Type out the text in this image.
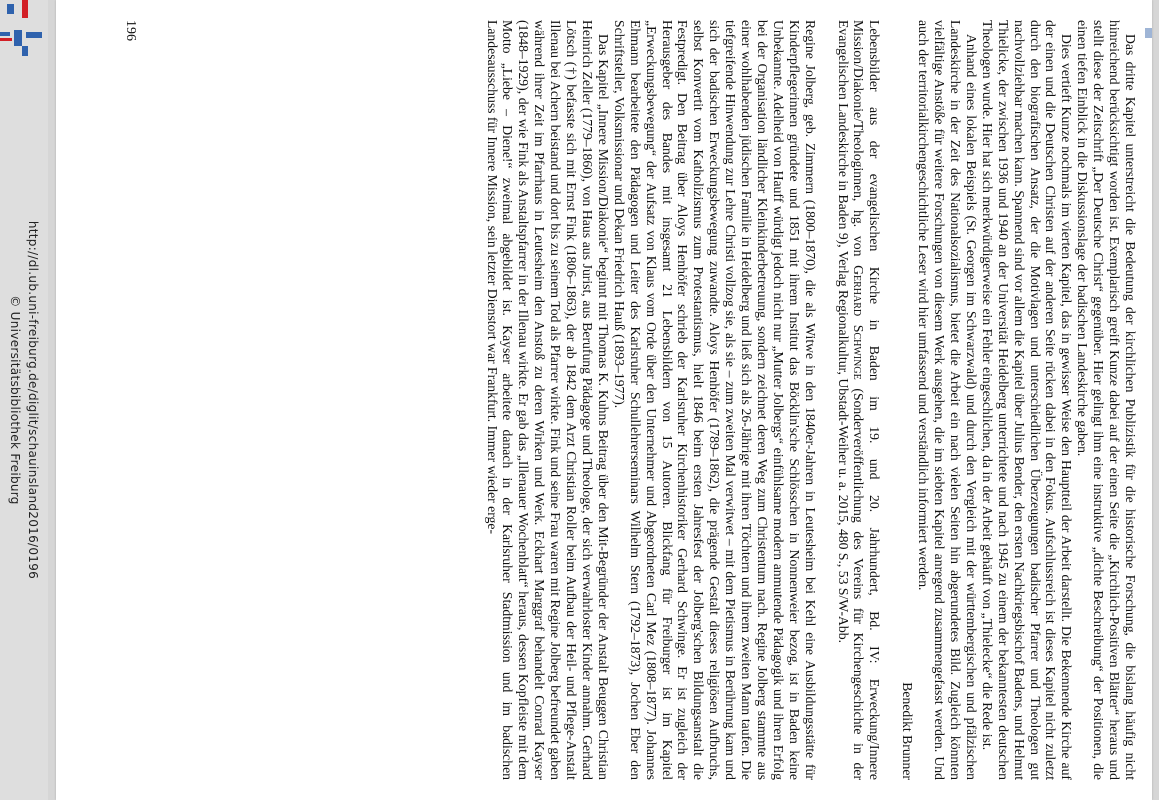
http://dl.ub.uni-freiburg.de/diglit/schauinsland2016/0196
© Universitätsbibliothek Freiburg	Das dritte Kapitel unterstreicht die Bedeutung der kirchlichen Publizistik für die historische Forschung, die bislang häufig nicht hinreichend berücksichtigt worden ist. Exemplarisch greift Kunze dabei auf der einen Seite die „Kirchlich-Positiven Blätter“ heraus und stellt diese der Zeitschrift „Der Deutsche Christ“ gegenüber. Hier gelingt ihm eine instruktive „dichte Beschreibung“ der Positionen, die einen tiefen Einblick in die Diskussionslage der badischen Landeskirche gaben.

Dies vertieft Kunze nochmals im vierten Kapitel, das in gewisser Weise den Hauptteil der Arbeit darstellt. Die Bekennende Kirche auf der einen und die Deutschen Christen auf der anderen Seite rücken dabei in den Fokus. Aufschlussreich ist dieses Kapitel nicht zuletzt durch den biografischen Ansatz, der die Motivlagen und unterschiedlichen Überzeugungen badischer Pfarrer und Theologen gut nachvollziehbar machen kann. Spannend sind vor allem die Kapitel über Julius Bender, den ersten Nachkriegsbischof Badens, und Helmut Thielicke, der zwischen 1936 und 1940 an der Universität Heidelberg unterrichtete und nach 1945 zu einem der bekanntesten deutschen Theologen wurde. Hier hat sich merkwürdigerweise ein Fehler eingeschlichen, da in der Arbeit gehäuft von „Thielecke“ die Rede ist.

Anhand eines lokalen Beispiels (St. Georgen im Schwarzwald) und durch den Vergleich mit der württembergischen und pfälzischen Landeskirche in der Zeit des Nationalsozialismus, bietet die Arbeit ein nach vielen Seiten hin abgerundetes Bild. Zugleich könnten vielfältige Anstöße für weitere Forschungen von diesem Werk ausgehen, die im siebten Kapitel anregend zusammengefasst werden. Und auch der territorialkirchengeschichtliche Leser wird hier umfassend und verständlich informiert werden.

Benedikt Brunner

Lebensbilder aus der evangelischen Kirche in Baden im 19. und 20. Jahrhundert, Bd. IV: Erweckung/Innere Mission/Diakonie/Theologinnen, hg. von Gerhard Schwinge (Sonderveröffentlichung des Vereins für Kirchengeschichte in der Evangelischen Landeskirche in Baden 9), Verlag Regionalkultur, Ubstadt-Weiher u. a. 2015, 480 S., 53 S/W-Abb.

Regine Jolberg, geb. Zimmern (1800–1870), die als Witwe in den 1840er-Jahren in Leutesheim bei Kehl eine Ausbildungsstätte für Kinderpflegerinnen gründete und 1851 mit ihrem Institut das Böcklin'sche Schlösschen in Nonnenweier bezog, ist in Baden keine Unbekannte. Adelheid von Hauff würdigt jedoch nicht nur „Mutter Jolbergs“ einfühlsame modern anmutende Pädagogik und ihren Erfolg bei der Organisation ländlicher Kleinkinderbetreuung, sondern zeichnet deren Weg zum Christentum nach. Regine Jolberg stammte aus einer wohlhabenden jüdischen Familie in Heidelberg und ließ sich als 26-Jährige mit ihren Töchtern und ihrem zweiten Mann taufen. Die tiefgreifende Hinwendung zur Lehre Christi vollzog sie, als sie – zum zweiten Mal verwitwet – mit dem Pietismus in Berührung kam und sich der badischen Erweckungsbewegung zuwandte. Aloys Henhöfer (1789–1862), die prägende Gestalt dieses religiösen Aufbruchs, selbst Konvertit vom Katholizismus zum Protestantismus, hielt 1846 beim ersten Jahresfest der Jolberg'schen Bildungsanstalt die Festpredigt. Den Beitrag über Aloys Henhöfer schrieb der Karlsruher Kirchenhistoriker Gerhard Schwinge. Er ist zugleich der Herausgeber des Bandes mit insgesamt 21 Lebensbildern von 15 Autoren. Blickfang für Freiburger ist im Kapitel „Erweckungsbewegung“ der Aufsatz von Klaus vom Orde über den Unternehmer und Abgeordneten Carl Mez (1808–1877). Johannes Ehmann bearbeitete den Pädagogen und Leiter des Karlsruher Schullehrerseminars Wilhelm Stern (1792–1873), Jochen Eber den Schriftsteller, Volksmissionar und Dekan Friedrich Hauß (1893–1977).

Das Kapitel „Innere Mission/Diakonie“ beginnt mit Thomas K. Kuhns Beitrag über den Mit-Begründer der Anstalt Beuggen Christian Heinrich Zeller (1779–1860), von Haus aus Jurist, aus Berufung Pädagoge und Theologe, der sich verwahrloster Kinder annahm. Gerhard Lötsch (†) befasste sich mit Ernst Fink (1806–1863), der ab 1842 dem Arzt Christian Roller beim Aufbau der Heil- und Pflege-Anstalt Illenau bei Achern beistand und dort bis zu seinem Tod als Pfarrer wirkte. Fink und seine Frau waren mit Regine Jolberg befreundet gaben während ihrer Zeit im Pfarrhaus in Leutesheim den Anstoß zu deren Wirken und Werk. Eckhart Marggraf behandelt Conrad Kayser (1848–1929), der wie Fink als Anstaltspfarrer in der Illenau wirkte. Er gab das „Illenauer Wochenblatt“ heraus, dessen Kopfleiste mit dem Motto „Liebe – Diene!“ zweimal abgebildet ist. Kayser arbeitete danach in der Karlsruher Stadtmission und im badischen Landesausschuss für Innere Mission, sein letzter Dienstort war Frankfurt. Immer wieder erge-

196
